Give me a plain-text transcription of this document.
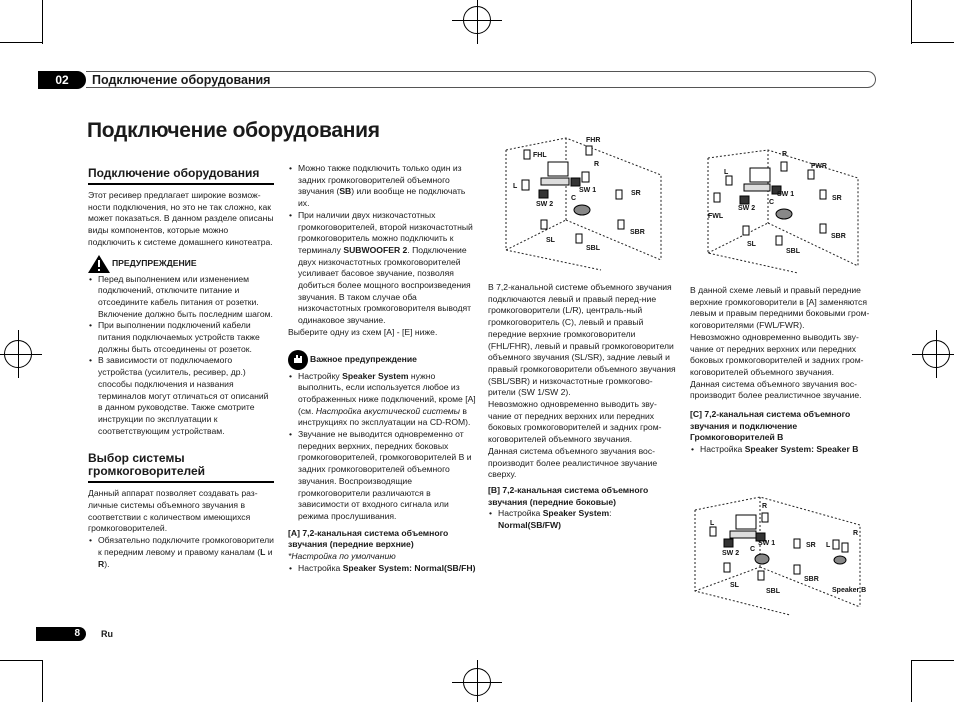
02	Подключение оборудования
Подключение оборудования
Подключение оборудования

Этот ресивер предлагает широкие возмож-ности подключения, но это не так сложно, как может показаться. В данном разделе описаны виды компонентов, которые можно подключить к системе домашнего кинотеатра.

ПРЕДУПРЕЖДЕНИЕ
• Перед выполнением или изменением подключений, отключите питание и отсоедините кабель питания от розетки. Включение должно быть последним шагом.
• При выполнении подключений кабели питания подключаемых устройств также должны быть отсоединены от розеток.
• В зависимости от подключаемого устройства (усилитель, ресивер, др.) способы подключения и названия терминалов могут отличаться от описаний в данном руководстве. Также смотрите инструкции по эксплуатации к соответствующим устройствам.
Выбор системы громкоговорителей

Данный аппарат позволяет создавать раз-личные системы объемного звучания в соответствии с количеством имеющихся громкоговорителей.

• Обязательно подключите громкоговорители к передним левому и правому каналам (L и R).
• Можно также подключить только один из задних громкоговорителей объемного звучания (SB) или вообще не подключать их.
• При наличии двух низкочастотных громкоговорителей, второй низкочастотный громкоговоритель можно подключить к терминалу SUBWOOFER 2. Подключение двух низкочастотных громкоговорителей усиливает басовое звучание, позволяя добиться более мощного воспроизведения звучания. В таком случае оба низкочастотных громкоговорителя выводят одинаковое звучание.

Выберите одну из схем [A] - [E] ниже.

Важное предупреждение
• Настройку Speaker System нужно выполнить, если используется любое из отображенных ниже подключений, кроме [A] (см. Настройка акустической системы в инструкциях по эксплуатации на CD-ROM).
• Звучание не выводится одновременно от передних верхних, передних боковых громкоговорителей, громкоговорителей B и задних громкоговорителей объемного звучания. Воспроизводящие громкоговорители различаются в зависимости от входного сигнала или режима прослушивания.

[A] 7,2-канальная система объемного звучания (передние верхние)

*Настройка по умолчанию

• Настройка Speaker System: Normal(SB/FH)
FHL
FHR
L
R
C
SW 2
SW 1	SR
SL
SBL
SBR
R
L
FWR
FWL
SW 2
SW 1
C
SR
SL
SBL
SBR

В 7,2-канальной системе объемного звучания подключаются левый и правый перед-ние громкоговорители (L/R), централь-ный громкоговоритель (C), левый и правый передние верхние громкоговорители (FHL/FHR), левый и правый громкоговорители объемного звучания (SL/SR), задние левый и правый громкоговорители объемного звучания (SBL/SBR) и низкочастотные громкогово-рители (SW 1/SW 2).

Невозможно одновременно выводить зву-чание от передних верхних или передних боковых громкоговорителей и задних гром-коговорителей объемного звучания.

Данная система объемного звучания вос-производит более реалистичное звучание сверху.

[B] 7,2-канальная система объемного звучания (передние боковые)

• Настройка Speaker System:
Normal(SB/FW)

В данной схеме левый и правый передние верхние громкоговорители в [A] заменяются левым и правым передними боковыми гром-коговорителями (FWL/FWR).

Невозможно одновременно выводить зву-чание от передних верхних или передних боковых громкоговорителей и задних гром-коговорителей объемного звучания.

Данная система объемного звучания вос-производит более реалистичное звучание.

[C] 7,2-канальная система объемного звучания и подключение Громкоговорителей B

• Настройка Speaker System: Speaker B
R
L
SW 2
SW 1
C
SR L
R
SL
SBL
SBR
Speaker B
8	Ru
